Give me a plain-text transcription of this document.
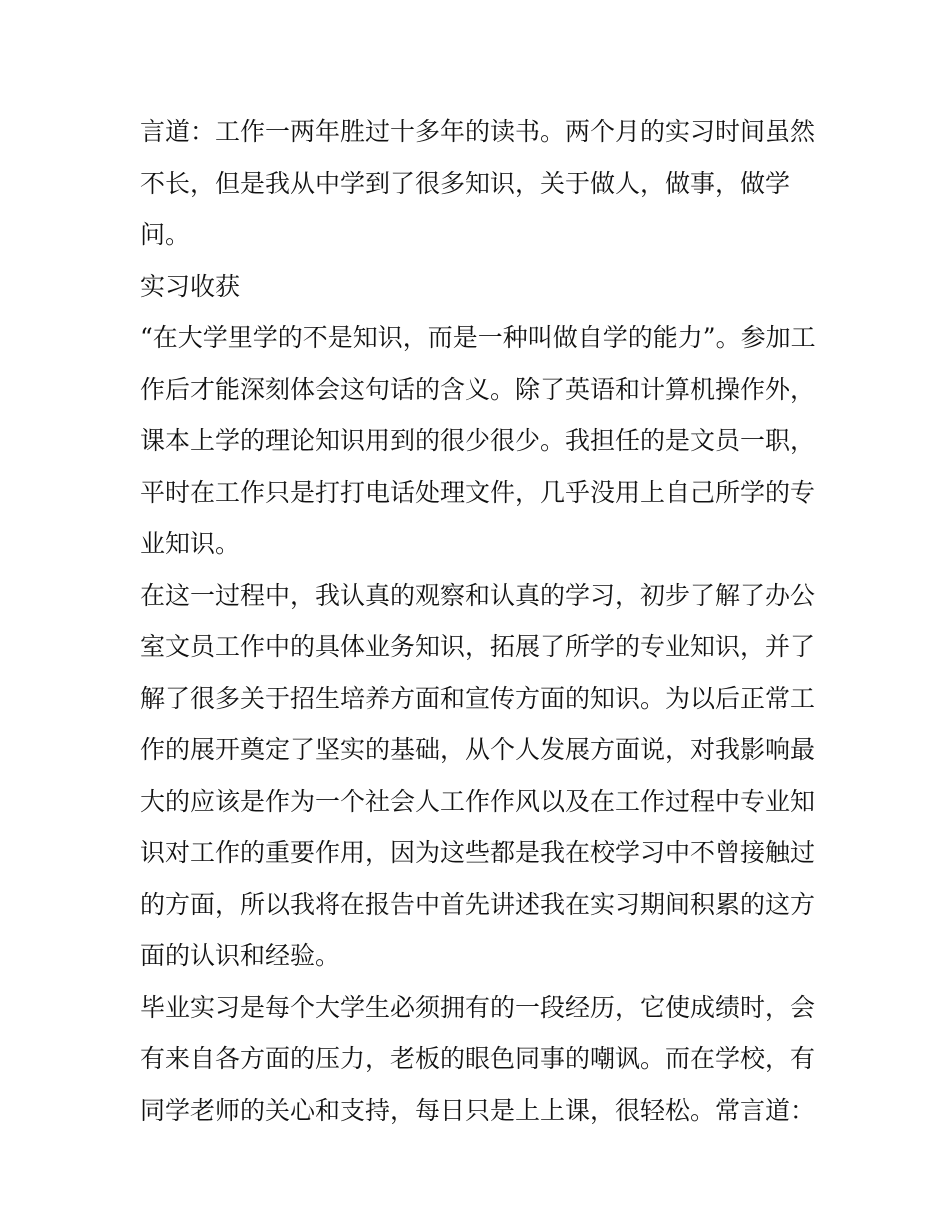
言道：工作一两年胜过十多年的读书。两个月的实习时间虽然
不长，但是我从中学到了很多知识，关于做人，做事，做学
问。
实习收获
“在大学里学的不是知识，而是一种叫做自学的能力”。参加工
作后才能深刻体会这句话的含义。除了英语和计算机操作外，
课本上学的理论知识用到的很少很少。我担任的是文员一职，
平时在工作只是打打电话处理文件，几乎没用上自己所学的专
业知识。
在这一过程中，我认真的观察和认真的学习，初步了解了办公
室文员工作中的具体业务知识，拓展了所学的专业知识，并了
解了很多关于招生培养方面和宣传方面的知识。为以后正常工
作的展开奠定了坚实的基础，从个人发展方面说，对我影响最
大的应该是作为一个社会人工作作风以及在工作过程中专业知
识对工作的重要作用，因为这些都是我在校学习中不曾接触过
的方面，所以我将在报告中首先讲述我在实习期间积累的这方
面的认识和经验。
毕业实习是每个大学生必须拥有的一段经历，它使成绩时，会
有来自各方面的压力，老板的眼色同事的嘲讽。而在学校，有
同学老师的关心和支持，每日只是上上课，很轻松。常言道：
